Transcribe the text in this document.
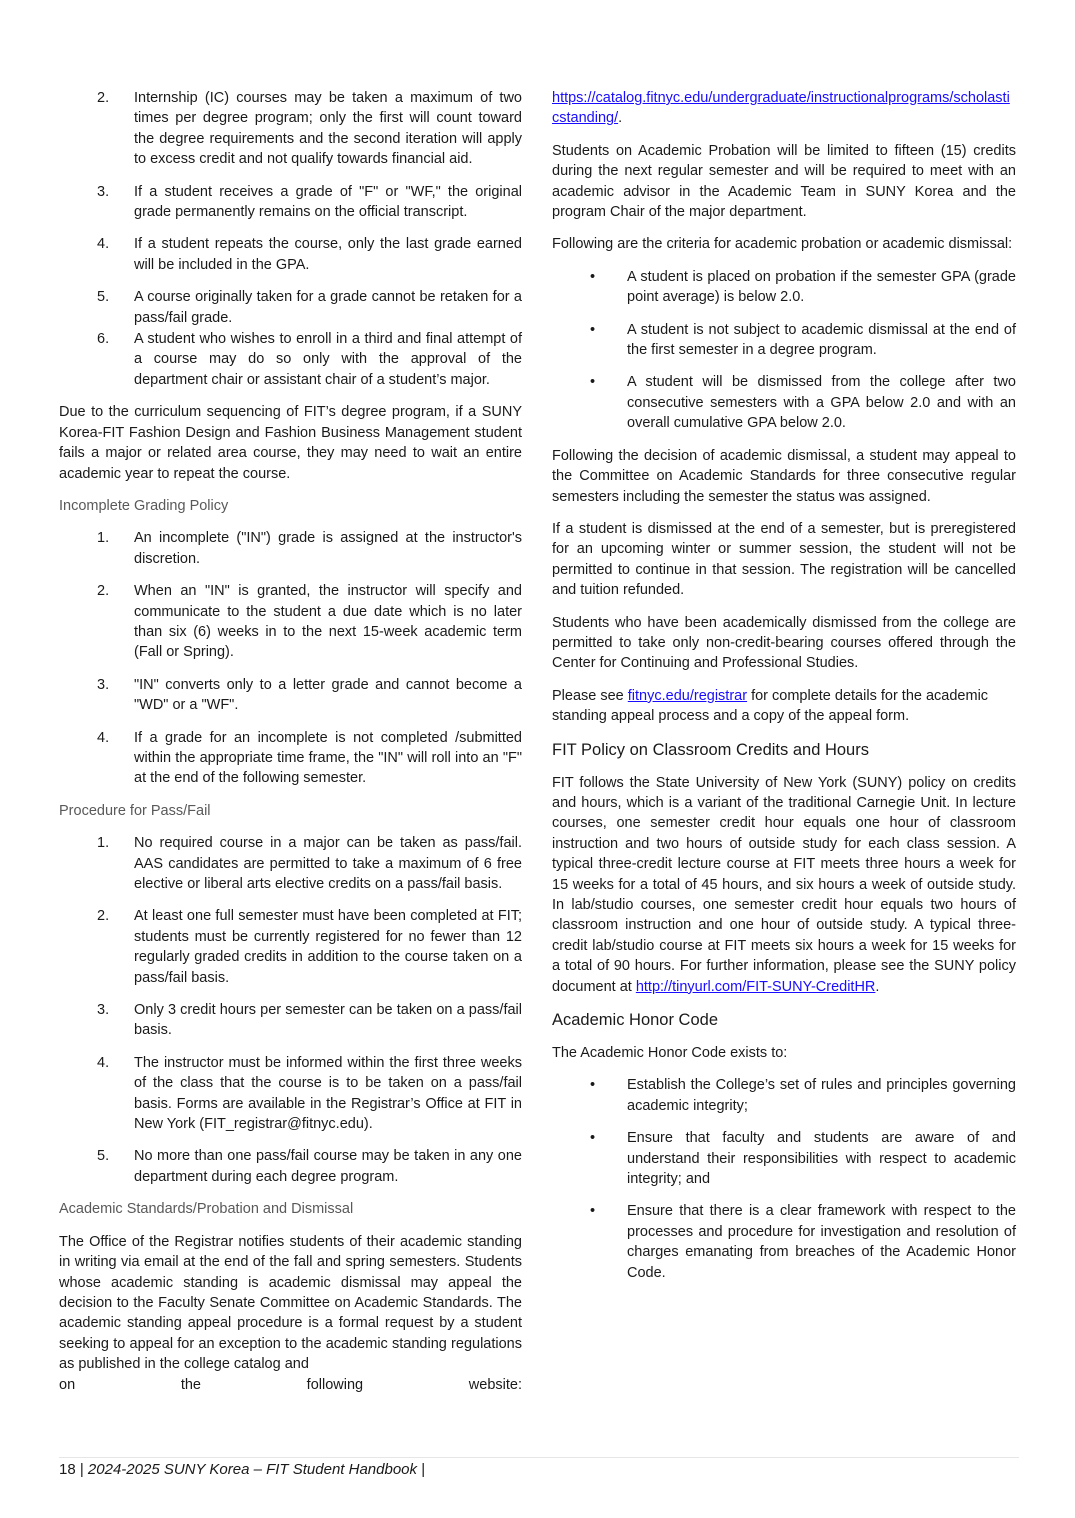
2. Internship (IC) courses may be taken a maximum of two times per degree program; only the first will count toward the degree requirements and the second iteration will apply to excess credit and not qualify towards financial aid.
3. If a student receives a grade of "F" or "WF," the original grade permanently remains on the official transcript.
4. If a student repeats the course, only the last grade earned will be included in the GPA.
5. A course originally taken for a grade cannot be retaken for a pass/fail grade.
6. A student who wishes to enroll in a third and final attempt of a course may do so only with the approval of the department chair or assistant chair of a student’s major.

Due to the curriculum sequencing of FIT’s degree program, if a SUNY Korea-FIT Fashion Design and Fashion Business Management student fails a major or related area course, they may need to wait an entire academic year to repeat the course.

Incomplete Grading Policy
1. An incomplete ("IN") grade is assigned at the instructor's discretion.
2. When an "IN" is granted, the instructor will specify and communicate to the student a due date which is no later than six (6) weeks in to the next 15-week academic term (Fall or Spring).
3. "IN" converts only to a letter grade and cannot become a "WD" or a "WF".
4. If a grade for an incomplete is not completed /submitted within the appropriate time frame, the "IN" will roll into an "F" at the end of the following semester.
Procedure for Pass/Fail
1. No required course in a major can be taken as pass/fail. AAS candidates are permitted to take a maximum of 6 free elective or liberal arts elective credits on a pass/fail basis.
2. At least one full semester must have been completed at FIT; students must be currently registered for no fewer than 12 regularly graded credits in addition to the course taken on a pass/fail basis.
3. Only 3 credit hours per semester can be taken on a pass/fail basis.
4. The instructor must be informed within the first three weeks of the class that the course is to be taken on a pass/fail basis. Forms are available in the Registrar’s Office at FIT in New York (FIT_registrar@fitnyc.edu).
5. No more than one pass/fail course may be taken in any one department during each degree program.
Academic Standards/Probation and Dismissal

The Office of the Registrar notifies students of their academic standing in writing via email at the end of the fall and spring semesters. Students whose academic standing is academic dismissal may appeal the decision to the Faculty Senate Committee on Academic Standards. The academic standing appeal procedure is a formal request by a student seeking to appeal for an exception to the academic standing regulations as published in the college catalog and

on the following website:

https://catalog.fitnyc.edu/undergraduate/instructionalprograms/scholasticstanding/.

Students on Academic Probation will be limited to fifteen (15) credits during the next regular semester and will be required to meet with an academic advisor in the Academic Team in SUNY Korea and the program Chair of the major department.

Following are the criteria for academic probation or academic dismissal:

• A student is placed on probation if the semester GPA (grade point average) is below 2.0.
• A student is not subject to academic dismissal at the end of the first semester in a degree program.
• A student will be dismissed from the college after two consecutive semesters with a GPA below 2.0 and with an overall cumulative GPA below 2.0.

Following the decision of academic dismissal, a student may appeal to the Committee on Academic Standards for three consecutive regular semesters including the semester the status was assigned.

If a student is dismissed at the end of a semester, but is preregistered for an upcoming winter or summer session, the student will not be permitted to continue in that session. The registration will be cancelled and tuition refunded.

Students who have been academically dismissed from the college are permitted to take only non-credit-bearing courses offered through the Center for Continuing and Professional Studies.

Please see fitnyc.edu/registrar for complete details for the academic standing appeal process and a copy of the appeal form.

FIT Policy on Classroom Credits and Hours

FIT follows the State University of New York (SUNY) policy on credits and hours, which is a variant of the traditional Carnegie Unit. In lecture courses, one semester credit hour equals one hour of classroom instruction and two hours of outside study for each class session. A typical three-credit lecture course at FIT meets three hours a week for 15 weeks for a total of 45 hours, and six hours a week of outside study. In lab/studio courses, one semester credit hour equals two hours of classroom instruction and one hour of outside study. A typical three-credit lab/studio course at FIT meets six hours a week for 15 weeks for a total of 90 hours. For further information, please see the SUNY policy document at http://tinyurl.com/FIT-SUNY-CreditHR.

Academic Honor Code

The Academic Honor Code exists to:

• Establish the College’s set of rules and principles governing academic integrity;
• Ensure that faculty and students are aware of and understand their responsibilities with respect to academic integrity; and
• Ensure that there is a clear framework with respect to the processes and procedure for investigation and resolution of charges emanating from breaches of the Academic Honor Code.
18 | 2024-2025 SUNY Korea – FIT Student Handbook |
